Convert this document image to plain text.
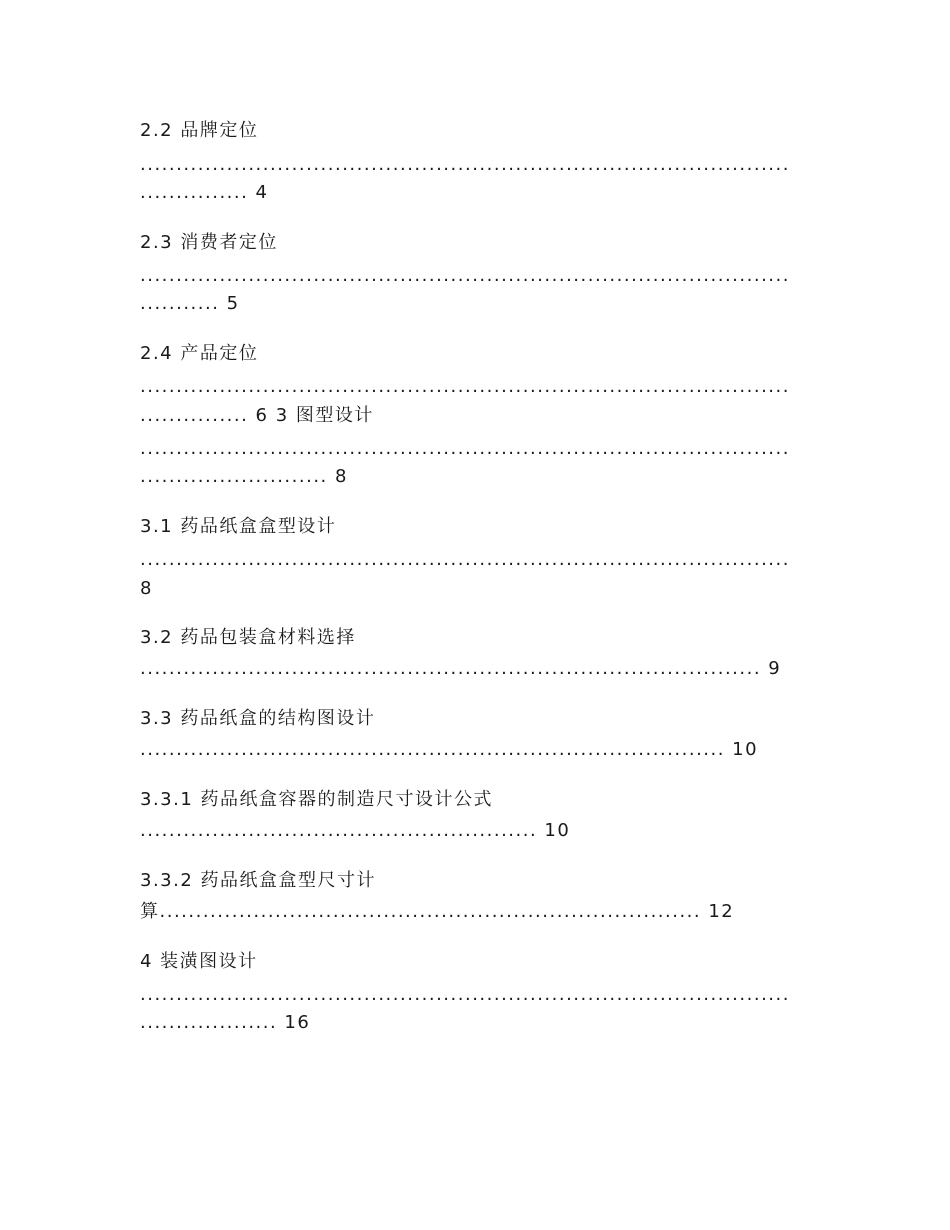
2.2 品牌定位
..........................................................................................
............... 4
2.3 消费者定位
..........................................................................................
........... 5
2.4 产品定位
..........................................................................................
............... 6 3 图型设计
..........................................................................................
.......................... 8
3.1 药品纸盒盒型设计
..........................................................................................
8
3.2 药品包装盒材料选择
...................................................................................... 9
3.3 药品纸盒的结构图设计
................................................................................. 10
3.3.1 药品纸盒容器的制造尺寸设计公式
....................................................... 10
3.3.2 药品纸盒盒型尺寸计
算........................................................................... 12
4 装潢图设计
..........................................................................................
................... 16
